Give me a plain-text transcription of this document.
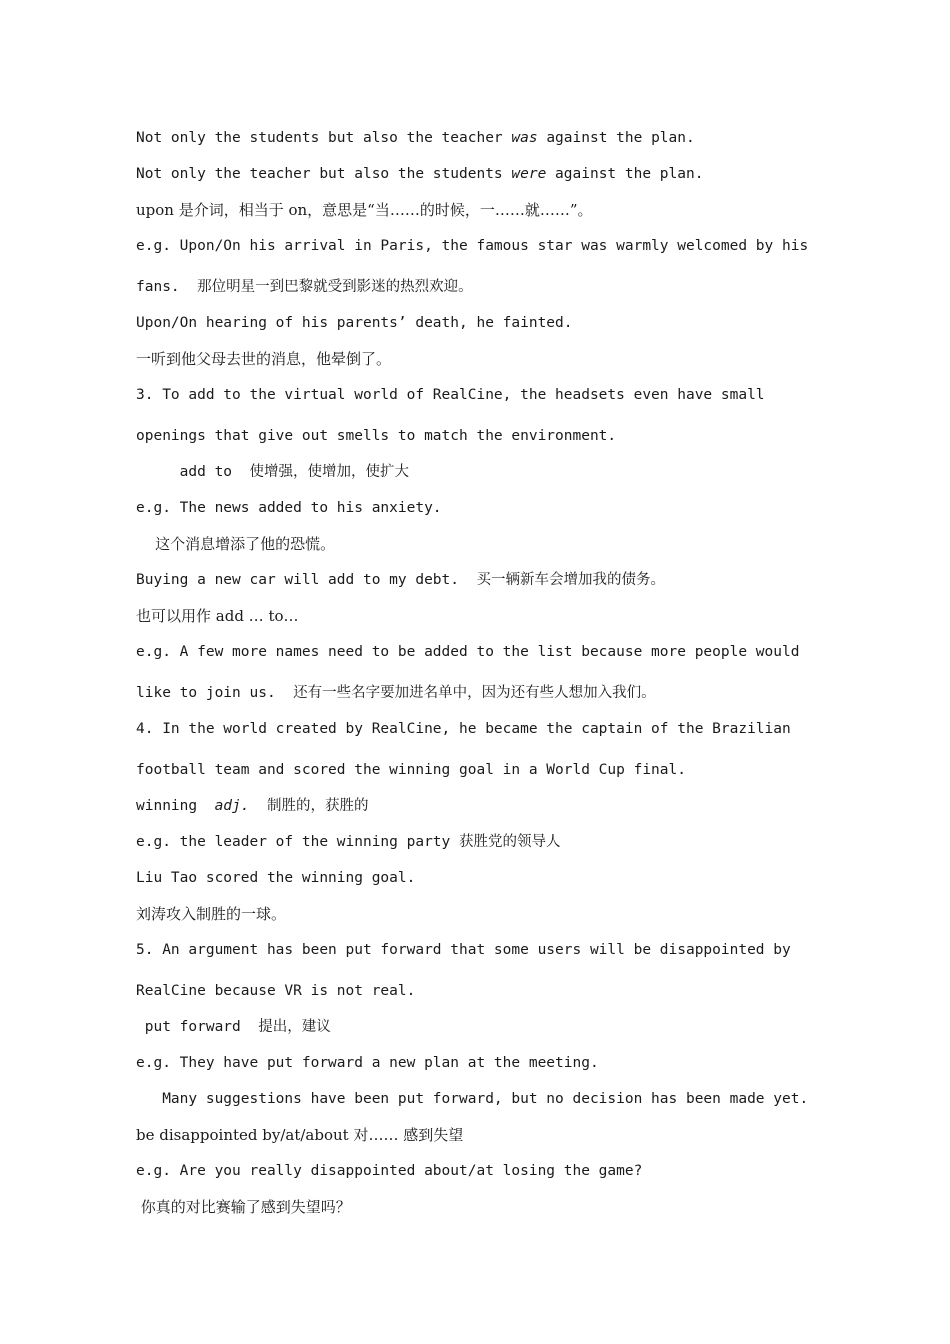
Not only the students but also the teacher was against the plan.
Not only the teacher but also the students were against the plan.
upon 是介词，相当于 on，意思是“当……的时候，一……就……”。
e.g. Upon/On his arrival in Paris, the famous star was warmly welcomed by his
fans.  那位明星一到巴黎就受到影迷的热烈欢迎。
Upon/On hearing of his parents’ death, he fainted.
一听到他父母去世的消息，他晕倒了。
3. To add to the virtual world of RealCine, the headsets even have small
openings that give out smells to match the environment.
add to  使增强，使增加，使扩大
e.g. The news added to his anxiety.
这个消息增添了他的恐慌。
Buying a new car will add to my debt.  买一辆新车会增加我的债务。
也可以用作 add … to…
e.g. A few more names need to be added to the list because more people would
like to join us.  还有一些名字要加进名单中，因为还有些人想加入我们。
4. In the world created by RealCine, he became the captain of the Brazilian
football team and scored the winning goal in a World Cup final.
winning  adj.  制胜的，获胜的
e.g. the leader of the winning party 获胜党的领导人
Liu Tao scored the winning goal.
刘涛攻入制胜的一球。
5. An argument has been put forward that some users will be disappointed by
RealCine because VR is not real.
put forward  提出，建议
e.g. They have put forward a new plan at the meeting.
Many suggestions have been put forward, but no decision has been made yet.
be disappointed by/at/about 对…… 感到失望
e.g. Are you really disappointed about/at losing the game?
你真的对比赛输了感到失望吗？
